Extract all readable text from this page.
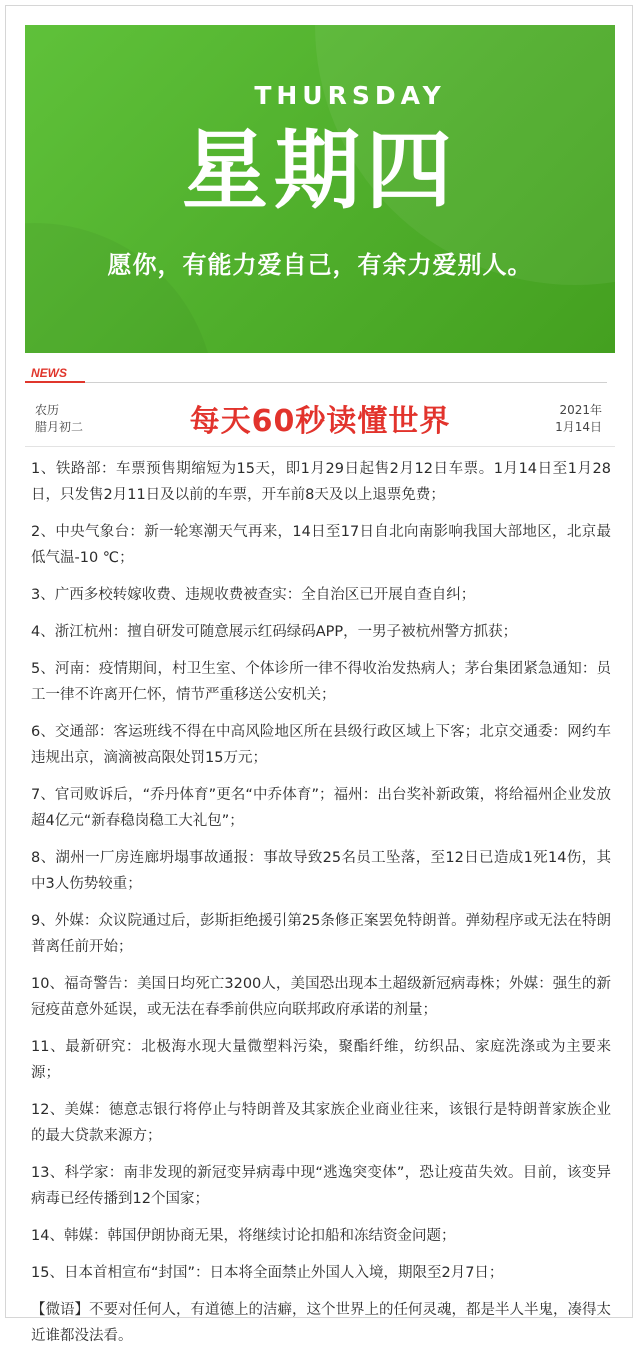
THURSDAY
星期四
愿你，有能力爱自己，有余力爱别人。
NEWS
农历
腊月初二	每天60秒读懂世界	2021年
1月14日
1、铁路部：车票预售期缩短为15天，即1月29日起售2月12日车票。1月14日至1月28日，只发售2月11日及以前的车票，开车前8天及以上退票免费；
2、中央气象台：新一轮寒潮天气再来，14日至17日自北向南影响我国大部地区，北京最低气温-10 ℃；
3、广西多校转嫁收费、违规收费被查实：全自治区已开展自查自纠；
4、浙江杭州：擅自研发可随意展示红码绿码APP，一男子被杭州警方抓获；
5、河南：疫情期间，村卫生室、个体诊所一律不得收治发热病人；茅台集团紧急通知：员工一律不许离开仁怀，情节严重移送公安机关；
6、交通部：客运班线不得在中高风险地区所在县级行政区域上下客；北京交通委：网约车违规出京，滴滴被高限处罚15万元；
7、官司败诉后，“乔丹体育”更名“中乔体育”；福州：出台奖补新政策，将给福州企业发放超4亿元“新春稳岗稳工大礼包”；
8、湖州一厂房连廊坍塌事故通报：事故导致25名员工坠落，至12日已造成1死14伤，其中3人伤势较重；
9、外媒：众议院通过后，彭斯拒绝援引第25条修正案罢免特朗普。弹劾程序或无法在特朗普离任前开始；
10、福奇警告：美国日均死亡3200人，美国恐出现本土超级新冠病毒株；外媒：强生的新冠疫苗意外延误，或无法在春季前供应向联邦政府承诺的剂量；
11、最新研究：北极海水现大量微塑料污染，聚酯纤维，纺织品、家庭洗涤或为主要来源；
12、美媒：德意志银行将停止与特朗普及其家族企业商业往来，该银行是特朗普家族企业的最大贷款来源方；
13、科学家：南非发现的新冠变异病毒中现“逃逸突变体”，恐让疫苗失效。目前，该变异病毒已经传播到12个国家；
14、韩媒：韩国伊朗协商无果，将继续讨论扣船和冻结资金问题；
15、日本首相宣布“封国”：日本将全面禁止外国人入境，期限至2月7日；
【微语】不要对任何人，有道德上的洁癖，这个世界上的任何灵魂，都是半人半鬼，凑得太近谁都没法看。
